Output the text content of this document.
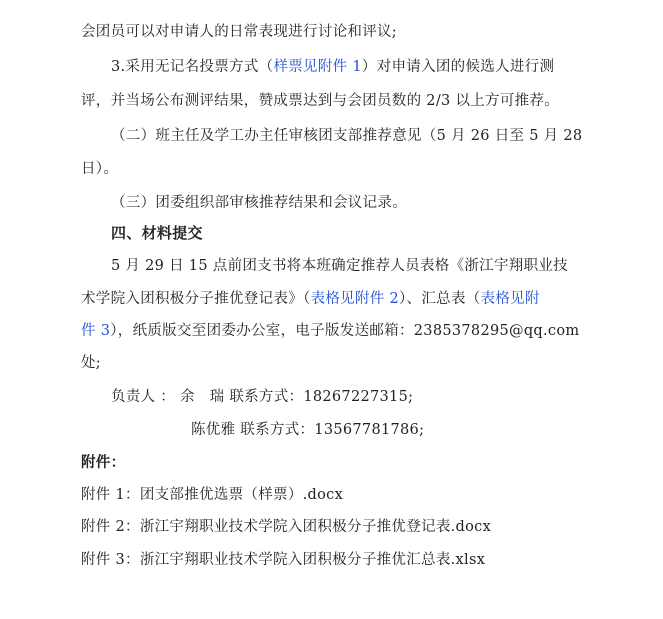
会团员可以对申请人的日常表现进行讨论和评议;
3.采用无记名投票方式（样票见附件 1）对申请入团的候选人进行测
评，并当场公布测评结果，赞成票达到与会团员数的 2/3 以上方可推荐。
（二）班主任及学工办主任审核团支部推荐意见（5 月 26 日至 5 月 28
日）。
（三）团委组织部审核推荐结果和会议记录。
四、材料提交
5 月 29 日 15 点前团支书将本班确定推荐人员表格《浙江宇翔职业技
术学院入团积极分子推优登记表》（表格见附件 2）、汇总表（表格见附
件 3），纸质版交至团委办公室，电子版发送邮箱：2385378295@qq.com
处;
负责人 ： 余　瑞 联系方式：18267227315;
陈优雅 联系方式：13567781786;
附件：
附件 1：团支部推优选票（样票）.docx
附件 2：浙江宇翔职业技术学院入团积极分子推优登记表.docx
附件 3：浙江宇翔职业技术学院入团积极分子推优汇总表.xlsx
